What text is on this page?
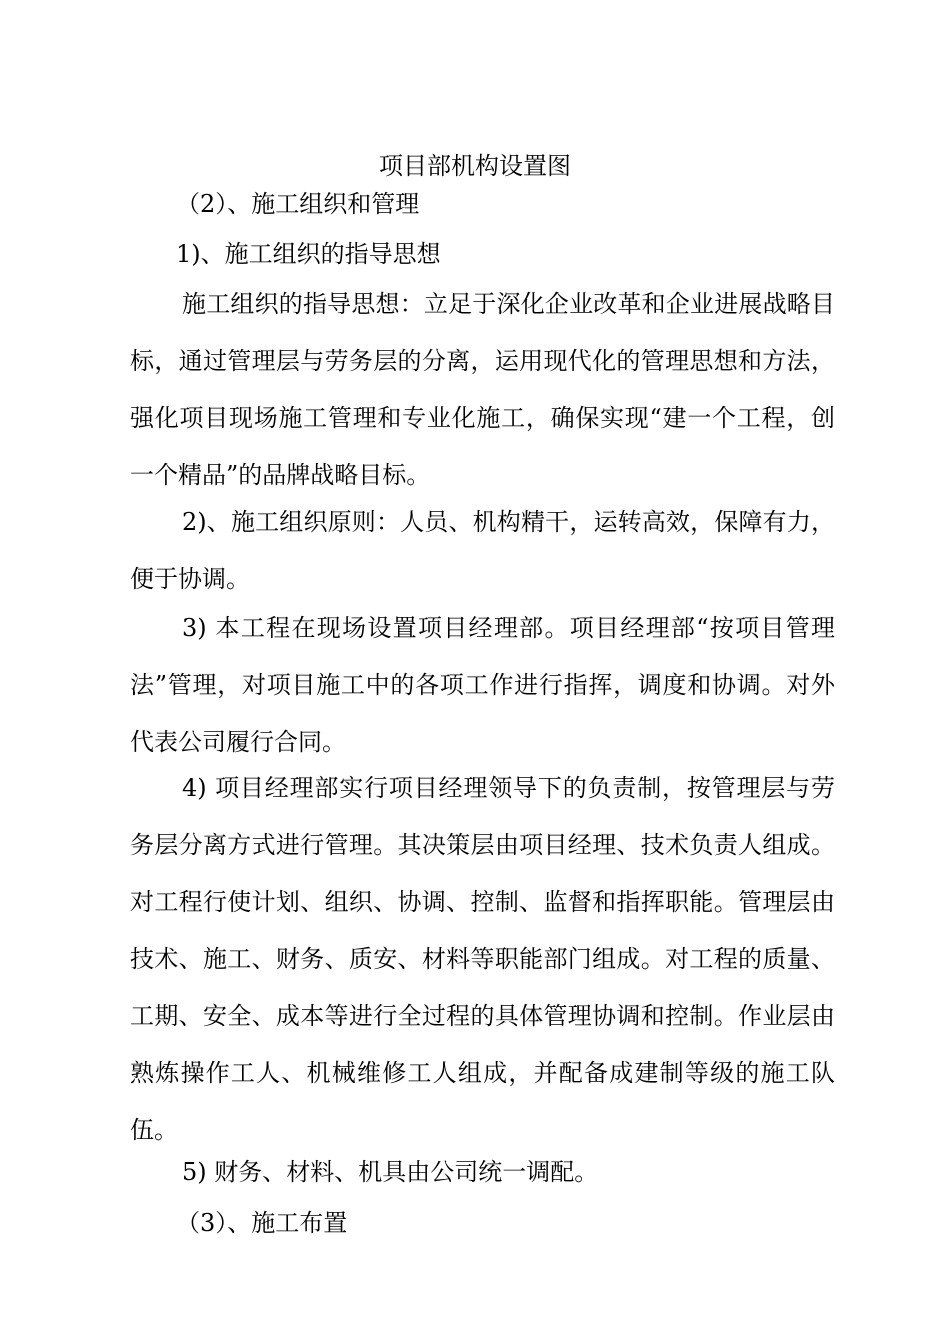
项目部机构设置图

（2）、施工组织和管理

1)、施工组织的指导思想

施工组织的指导思想：立足于深化企业改革和企业进展战略目标，通过管理层与劳务层的分离，运用现代化的管理思想和方法，强化项目现场施工管理和专业化施工，确保实现“建一个工程，创一个精品”的品牌战略目标。

2)、施工组织原则：人员、机构精干，运转高效，保障有力，便于协调。

3) 本工程在现场设置项目经理部。项目经理部“按项目管理法”管理，对项目施工中的各项工作进行指挥，调度和协调。对外代表公司履行合同。

4) 项目经理部实行项目经理领导下的负责制，按管理层与劳务层分离方式进行管理。其决策层由项目经理、技术负责人组成。对工程行使计划、组织、协调、控制、监督和指挥职能。管理层由技术、施工、财务、质安、材料等职能部门组成。对工程的质量、工期、安全、成本等进行全过程的具体管理协调和控制。作业层由熟炼操作工人、机械维修工人组成，并配备成建制等级的施工队伍。

5) 财务、材料、机具由公司统一调配。

（3）、施工布置
